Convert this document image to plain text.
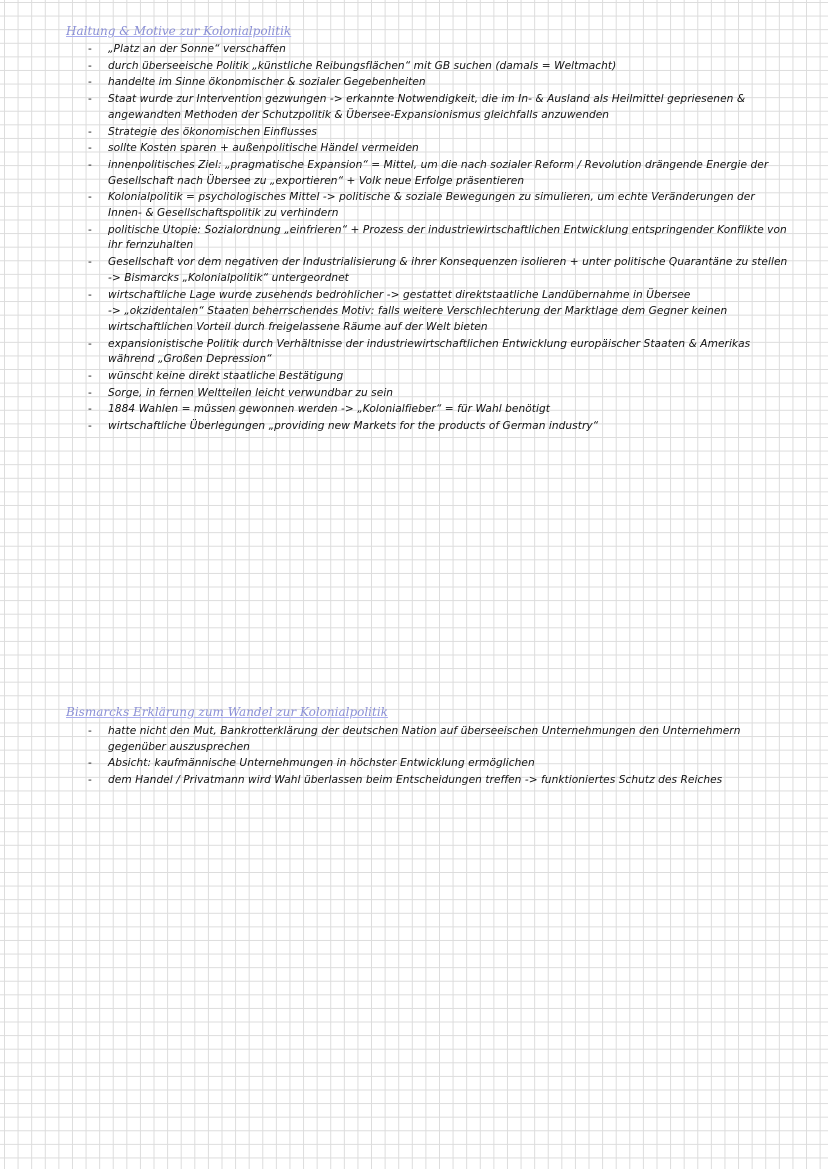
Haltung & Motive zur Kolonialpolitik
- „Platz an der Sonne“ verschaffen
- durch überseeische Politik „künstliche Reibungsflächen“ mit GB suchen (damals = Weltmacht)
- handelte im Sinne ökonomischer & sozialer Gegebenheiten
- Staat wurde zur Intervention gezwungen -> erkannte Notwendigkeit, die im In- & Ausland als Heilmittel gepriesenen & angewandten Methoden der Schutzpolitik & Übersee-Expansionismus gleichfalls anzuwenden
- Strategie des ökonomischen Einflusses
- sollte Kosten sparen + außenpolitische Händel vermeiden
- innenpolitisches Ziel: „pragmatische Expansion“ = Mittel, um die nach sozialer Reform / Revolution drängende Energie der Gesellschaft nach Übersee zu „exportieren“ + Volk neue Erfolge präsentieren
- Kolonialpolitik = psychologisches Mittel -> politische & soziale Bewegungen zu simulieren, um echte Veränderungen der Innen- & Gesellschaftspolitik zu verhindern
- politische Utopie: Sozialordnung „einfrieren“ + Prozess der industriewirtschaftlichen Entwicklung entspringender Konflikte von ihr fernzuhalten
- Gesellschaft vor dem negativen der Industrialisierung & ihrer Konsequenzen isolieren + unter politische Quarantäne zu stellen -> Bismarcks „Kolonialpolitik“ untergeordnet
- wirtschaftliche Lage wurde zusehends bedrohlicher -> gestattet direktstaatliche Landübernahme in Übersee
-> „okzidentalen“ Staaten beherrschendes Motiv: falls weitere Verschlechterung der Marktlage dem Gegner keinen wirtschaftlichen Vorteil durch freigelassene Räume auf der Welt bieten
- expansionistische Politik durch Verhältnisse der industriewirtschaftlichen Entwicklung europäischer Staaten & Amerikas während „Großen Depression“
- wünscht keine direkt staatliche Bestätigung
- Sorge, in fernen Weltteilen leicht verwundbar zu sein
- 1884 Wahlen = müssen gewonnen werden -> „Kolonialfieber“ = für Wahl benötigt
- wirtschaftliche Überlegungen „providing new Markets for the products of German industry“
Bismarcks Erklärung zum Wandel zur Kolonialpolitik
- hatte nicht den Mut, Bankrotterklärung der deutschen Nation auf überseeischen Unternehmungen den Unternehmern gegenüber auszusprechen
- Absicht: kaufmännische Unternehmungen in höchster Entwicklung ermöglichen
- dem Handel / Privatmann wird Wahl überlassen beim Entscheidungen treffen -> funktioniertes Schutz des Reiches
